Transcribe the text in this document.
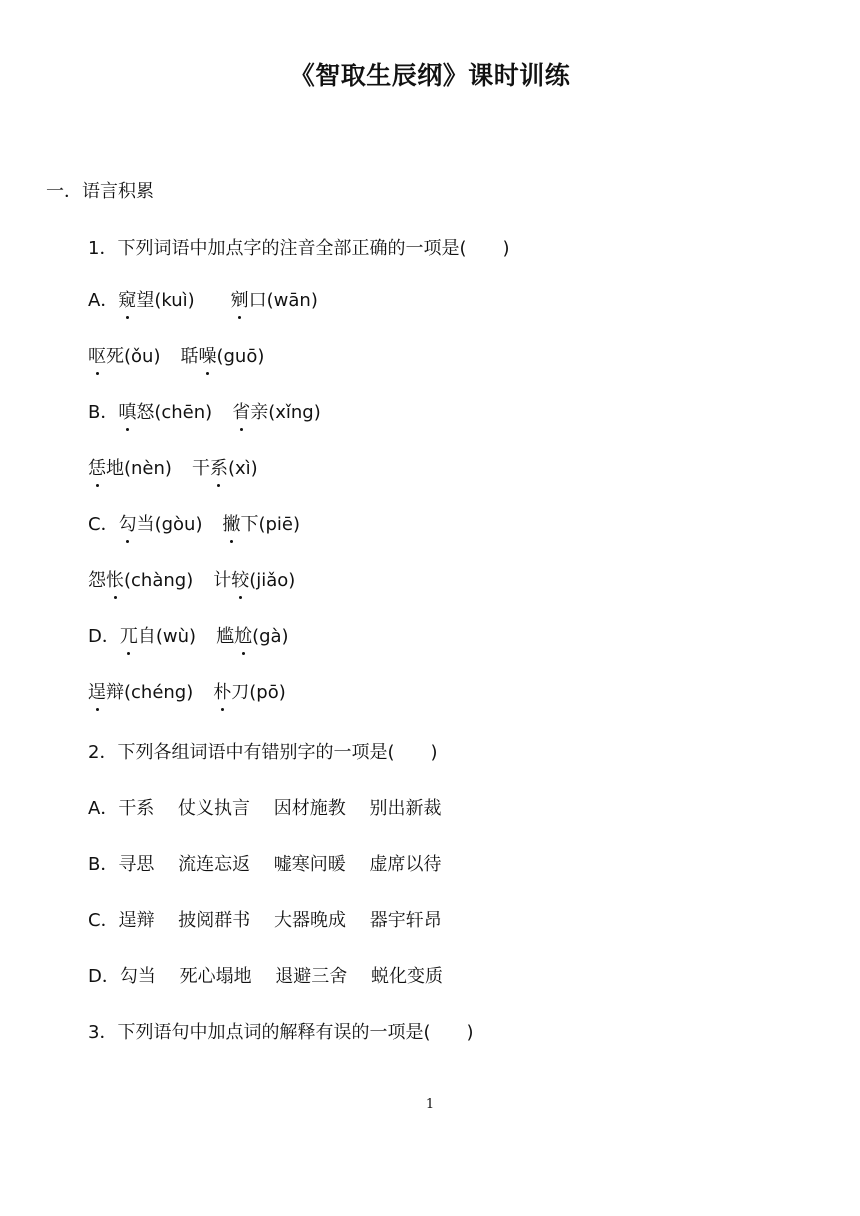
《智取生辰纲》课时训练
一．语言积累
1．下列词语中加点字的注音全部正确的一项是(　　)
A．窥望(kuì) 剜口(wān)
呕死(ǒu) 聒噪(guō)
B．嗔怒(chēn) 省亲(xǐng)
恁地(nèn) 干系(xì)
C．勾当(gòu) 撇下(piē)
怨怅(chàng) 计较(jiǎo)
D．兀自(wù) 尴尬(gà)
逞辩(chéng) 朴刀(pō)
2．下列各组词语中有错别字的一项是(　　)
A．干系　 仗义执言　 因材施教　 别出新裁
B．寻思　 流连忘返　 嘘寒问暖　 虚席以待
C．逞辩　 披阅群书　 大器晚成　 器宇轩昂
D．勾当　 死心塌地　 退避三舍　 蜕化变质
3．下列语句中加点词的解释有误的一项是(　　)
1
